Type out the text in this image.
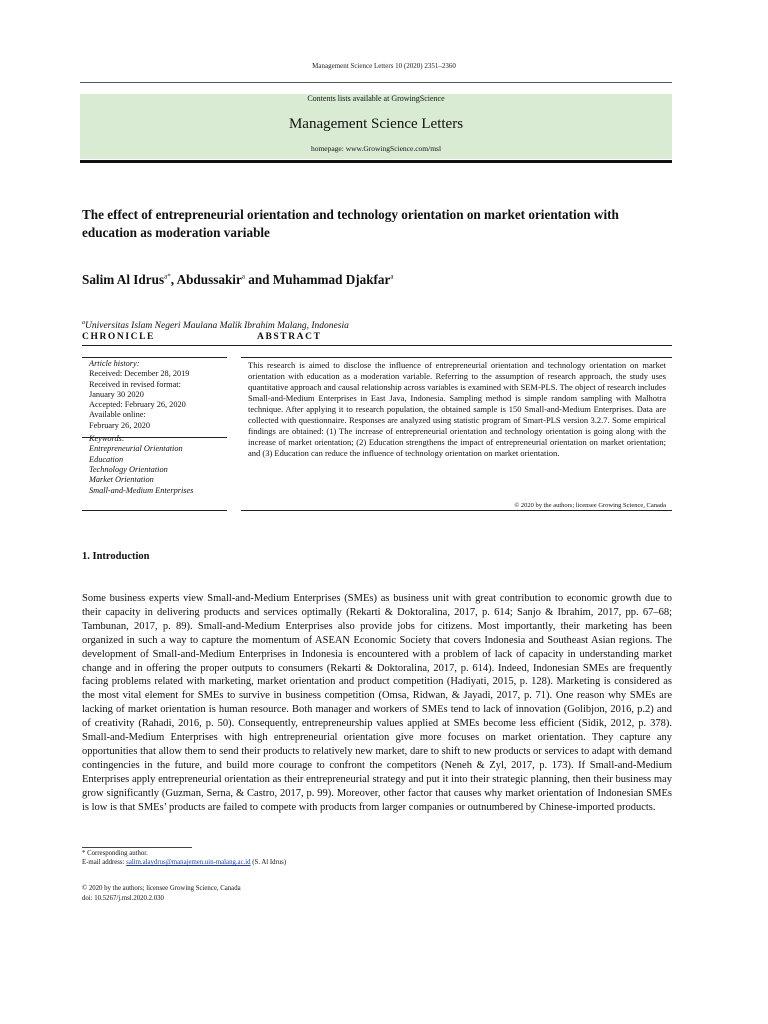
Management Science Letters 10 (2020) 2351–2360
Contents lists available at GrowingScience
Management Science Letters
homepage: www.GrowingScience.com/msl
The effect of entrepreneurial orientation and technology orientation on market orientation with education as moderation variable
Salim Al Idrus$^{a*}$, Abdussakir$^a$ and Muhammad Djakfar$^a$
$^a$Universitas Islam Negeri Maulana Malik Ibrahim Malang, Indonesia
CHRONICLE	ABSTRACT
Article history:
Received: December 28, 2019
Received in revised format:
January 30 2020
Accepted: February 26, 2020
Available online:
February 26, 2020
Keywords:
Entrepreneurial Orientation
Education
Technology Orientation
Market Orientation
Small-and-Medium Enterprises
This research is aimed to disclose the influence of entrepreneurial orientation and technology orientation on market orientation with education as a moderation variable. Referring to the assumption of research approach, the study uses quantitative approach and causal relationship across variables is examined with SEM-PLS. The object of research includes Small-and-Medium Enterprises in East Java, Indonesia. Sampling method is simple random sampling with Malhotra technique. After applying it to research population, the obtained sample is 150 Small-and-Medium Enterprises. Data are collected with questionnaire. Responses are analyzed using statistic program of Smart-PLS version 3.2.7. Some empirical findings are obtained: (1) The increase of entrepreneurial orientation and technology orientation is going along with the increase of market orientation; (2) Education strengthens the impact of entrepreneurial orientation on market orientation; and (3) Education can reduce the influence of technology orientation on market orientation.
© 2020 by the authors; licensee Growing Science, Canada
1. Introduction
Some business experts view Small-and-Medium Enterprises (SMEs) as business unit with great contribution to economic growth due to their capacity in delivering products and services optimally (Rekarti & Doktoralina, 2017, p. 614; Sanjo & Ibrahim, 2017, pp. 67–68; Tambunan, 2017, p. 89). Small-and-Medium Enterprises also provide jobs for citizens. Most importantly, their marketing has been organized in such a way to capture the momentum of ASEAN Economic Society that covers Indonesia and Southeast Asian regions. The development of Small-and-Medium Enterprises in Indonesia is encountered with a problem of lack of capacity in understanding market change and in offering the proper outputs to consumers (Rekarti & Doktoralina, 2017, p. 614). Indeed, Indonesian SMEs are frequently facing problems related with marketing, market orientation and product competition (Hadiyati, 2015, p. 128). Marketing is considered as the most vital element for SMEs to survive in business competition (Omsa, Ridwan, & Jayadi, 2017, p. 71). One reason why SMEs are lacking of market orientation is human resource. Both manager and workers of SMEs tend to lack of innovation (Golibjon, 2016, p.2) and of creativity (Rahadi, 2016, p. 50). Consequently, entrepreneurship values applied at SMEs become less efficient (Sidik, 2012, p. 378). Small-and-Medium Enterprises with high entrepreneurial orientation give more focuses on market orientation. They capture any opportunities that allow them to send their products to relatively new market, dare to shift to new products or services to adapt with demand contingencies in the future, and build more courage to confront the competitors (Neneh & Zyl, 2017, p. 173). If Small-and-Medium Enterprises apply entrepreneurial orientation as their entrepreneurial strategy and put it into their strategic planning, then their business may grow significantly (Guzman, Serna, & Castro, 2017, p. 99). Moreover, other factor that causes why market orientation of Indonesian SMEs is low is that SMEs’ products are failed to compete with products from larger companies or outnumbered by Chinese-imported products.
* Corresponding author.
E-mail address: salim.alaydrus@manajemen.uin-malang.ac.id (S. Al Idrus)
© 2020 by the authors; licensee Growing Science, Canada
doi: 10.5267/j.msl.2020.2.030
